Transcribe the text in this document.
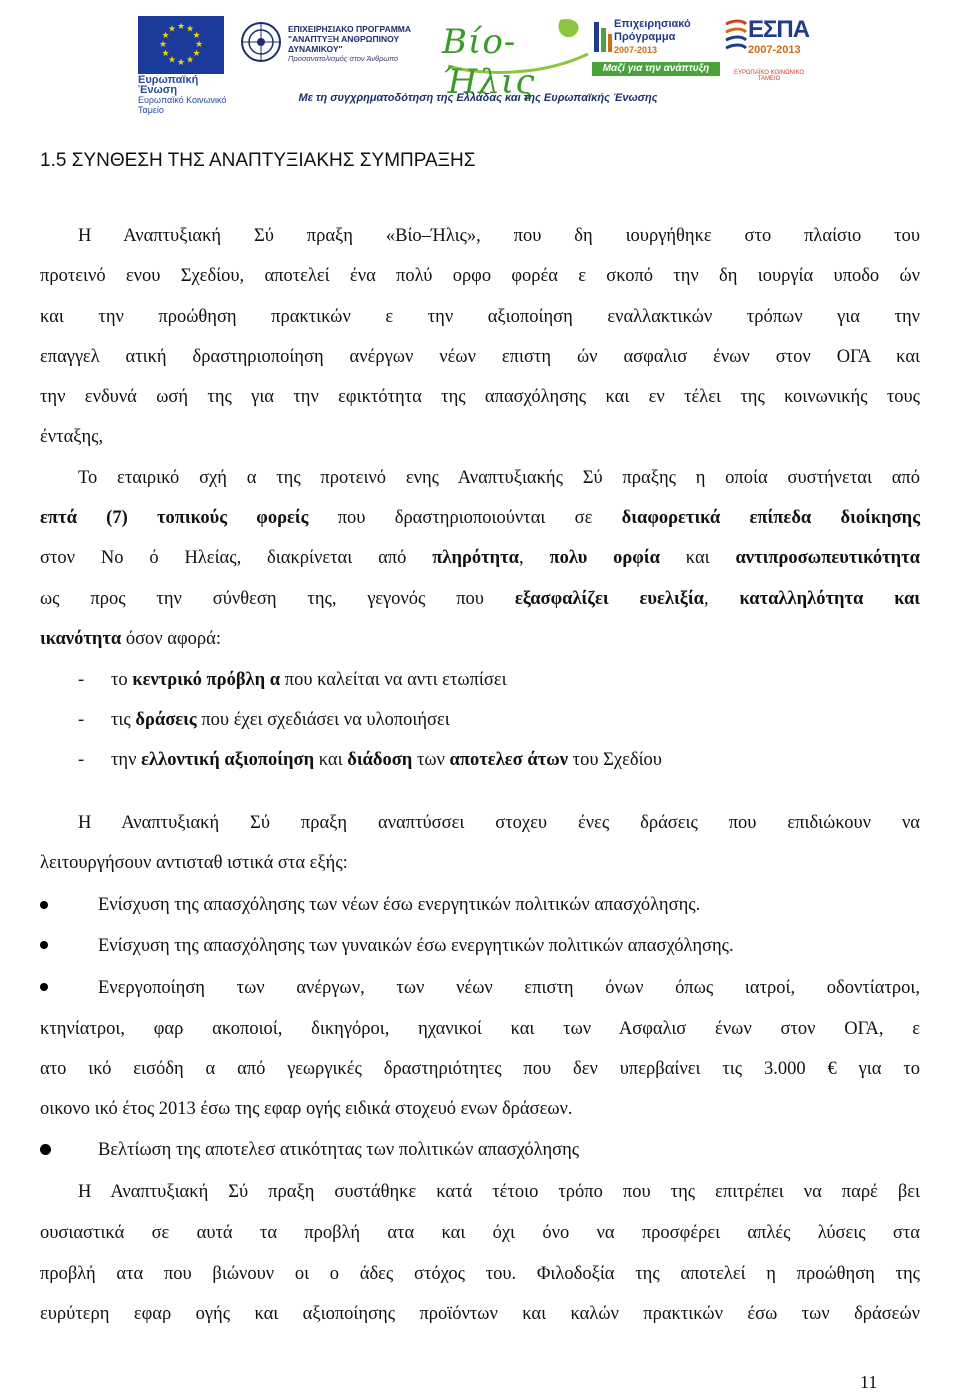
★ ★
★
★
★
★
★
★
★
★
★
★
Ευρωπαϊκή Ένωση
Ευρωπαϊκό Κοινωνικό Ταμείο
ΕΠΙΧΕΙΡΗΣΙΑΚΟ ΠΡΟΓΡΑΜΜΑ
"ΑΝΑΠΤΥΞΗ ΑΝΘΡΩΠΙΝΟΥ ΔΥΝΑΜΙΚΟΥ"
Προσανατολισμός στον Άνθρωπο	Βίο-Ήλις
Επιχειρησιακό
Πρόγραμμα
2007-2013
Μαζί για την ανάπτυξη
ΕΣΠΑ
2007-2013
ΕΥΡΩΠΑΪΚΟ ΚΟΙΝΩΝΙΚΟ ΤΑΜΕΙΟ
Με τη συγχρηματοδότηση της Ελλάδας και της Ευρωπαϊκής Ένωσης
1.5 ΣΥΝΘΕΣΗ ΤΗΣ ΑΝΑΠΤΥΞΙΑΚΗΣ ΣΥΜΠΡΑΞΗΣ
Η Αναπτυξιακή Σύ πραξη «Βίο–Ήλις», που δη ιουργήθηκε στο πλαίσιο του
προτεινό ενου Σχεδίου, αποτελεί ένα πολύ ορφο φορέα ε σκοπό την δη ιουργία υποδο ών
και την προώθηση πρακτικών ε την αξιοποίηση εναλλακτικών τρόπων για την
επαγγελ ατική δραστηριοποίηση ανέργων νέων επιστη ών ασφαλισ ένων στον ΟΓΑ και
την ενδυνά ωσή της για την εφικτότητα της απασχόλησης και εν τέλει της κοινωνικής τους
ένταξης,
Το εταιρικό σχή α της προτεινό ενης Αναπτυξιακής Σύ πραξης η οποία συστήνεται από
επτά (7) τοπικούς φορείς που δραστηριοποιούνται σε διαφορετικά επίπεδα διοίκησης
στον Νο ό Ηλείας, διακρίνεται από πληρότητα, πολυ ορφία και αντιπροσωπευτικότητα
ως προς την σύνθεση της, γεγονός που εξασφαλίζει ευελιξία, καταλληλότητα και
ικανότητα όσον αφορά:
- το κεντρικό πρόβλη α που καλείται να αντι ετωπίσει
- τις δράσεις που έχει σχεδιάσει να υλοποιήσει
- την ελλοντική αξιοποίηση και διάδοση των αποτελεσ άτων του Σχεδίου
Η Αναπτυξιακή Σύ πραξη αναπτύσσει στοχευ ένες δράσεις που επιδιώκουν να
λειτουργήσουν αντισταθ ιστικά στα εξής:
Ενίσχυση της απασχόλησης των νέων έσω ενεργητικών πολιτικών απασχόλησης.
Ενίσχυση της απασχόλησης των γυναικών έσω ενεργητικών πολιτικών απασχόλησης.
Ενεργοποίηση των ανέργων, των νέων επιστη όνων όπως ιατροί, οδοντίατροι,
κτηνίατροι, φαρ ακοποιοί, δικηγόροι, ηχανικοί και των Ασφαλισ ένων στον ΟΓΑ, ε
ατο ικό εισόδη α από γεωργικές δραστηριότητες που δεν υπερβαίνει τις 3.000 € για το
οικονο ικό έτος 2013 έσω της εφαρ ογής ειδικά στοχευό ενων δράσεων.
Βελτίωση της αποτελεσ ατικότητας των πολιτικών απασχόλησης
Η Αναπτυξιακή Σύ πραξη συστάθηκε κατά τέτοιο τρόπο που της επιτρέπει να παρέ βει
ουσιαστικά σε αυτά τα προβλή ατα και όχι όνο να προσφέρει απλές λύσεις στα
προβλή ατα που βιώνουν οι ο άδες στόχος του. Φιλοδοξία της αποτελεί η προώθηση της
ευρύτερη εφαρ ογής και αξιοποίησης προϊόντων και καλών πρακτικών έσω των δράσεών
11
